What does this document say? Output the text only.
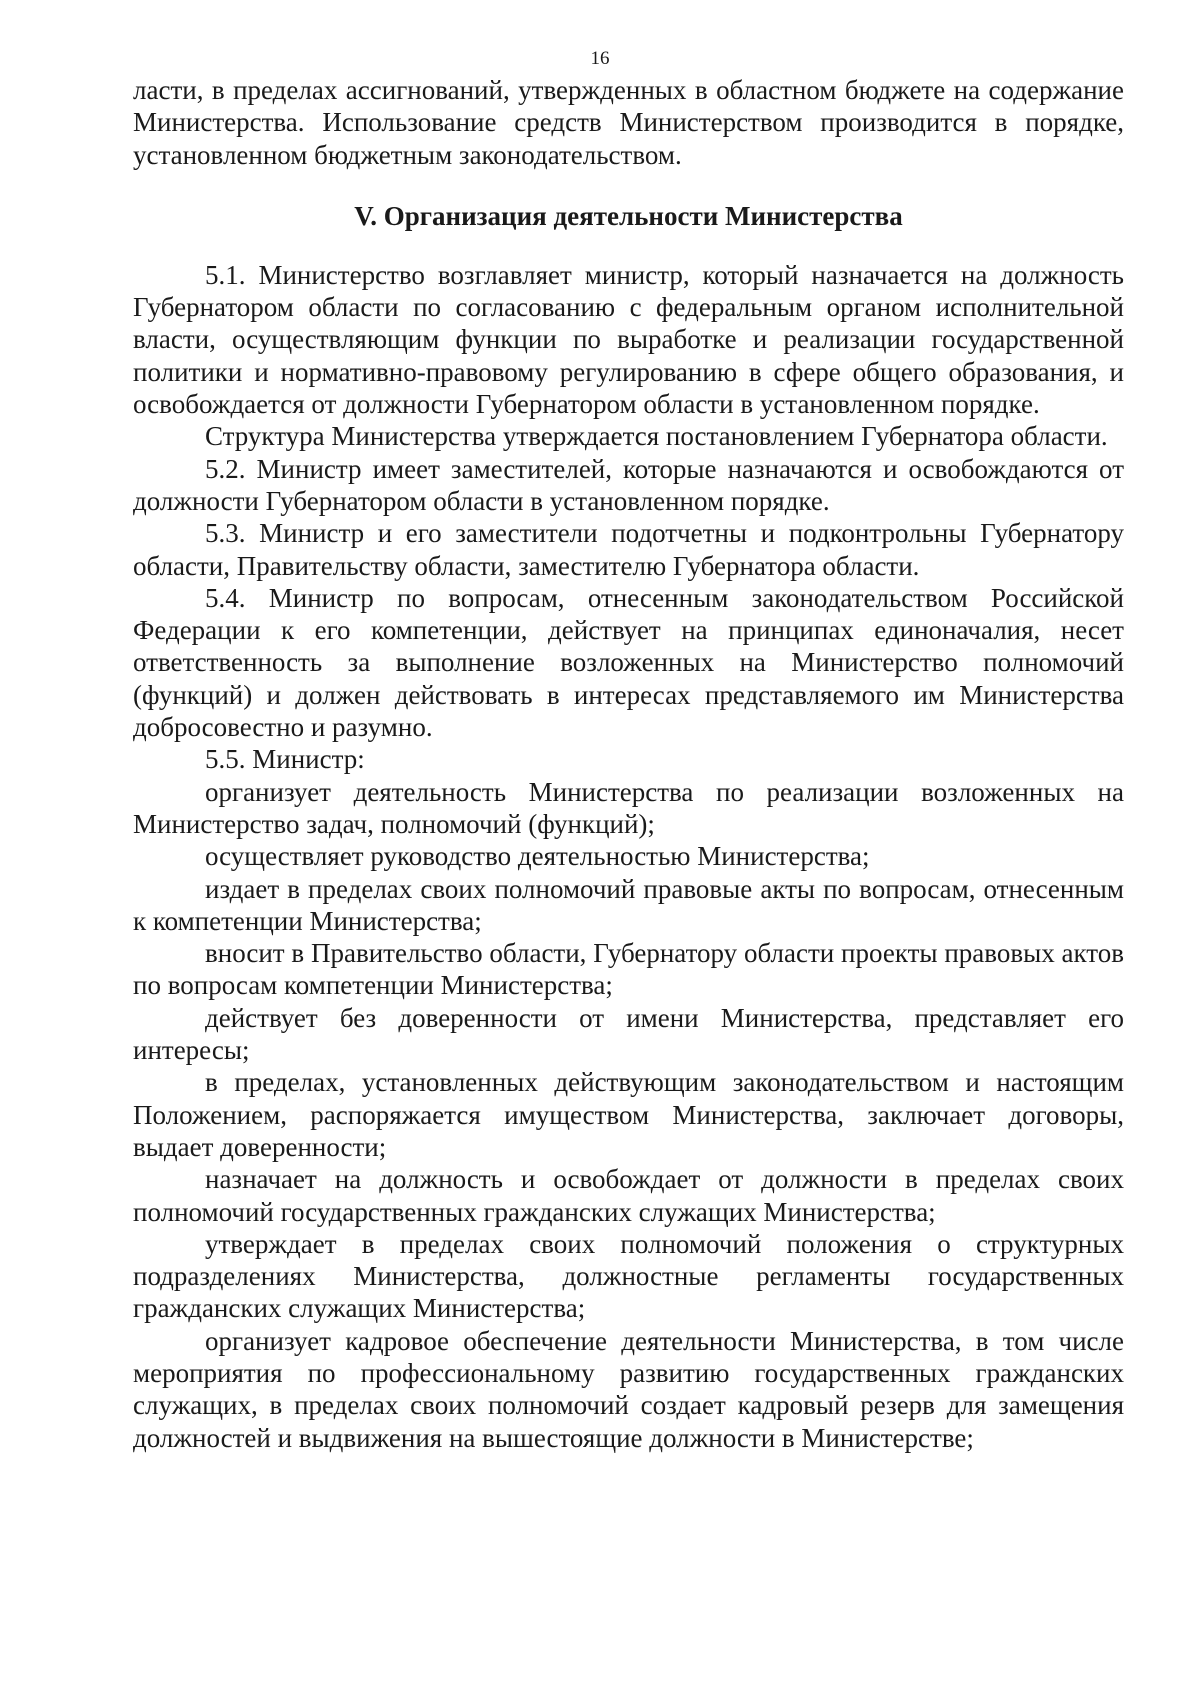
16

ласти, в пределах ассигнований, утвержденных в областном бюджете на содержание Министерства. Использование средств Министерством производится в порядке, установленном бюджетным законодательством.

V. Организация деятельности Министерства

5.1. Министерство возглавляет министр, который назначается на должность Губернатором области по согласованию с федеральным органом исполнительной власти, осуществляющим функции по выработке и реализации государственной политики и нормативно-правовому регулированию в сфере общего образования, и освобождается от должности Губернатором области в установленном порядке.

Структура Министерства утверждается постановлением Губернатора области.

5.2. Министр имеет заместителей, которые назначаются и освобождаются от должности Губернатором области в установленном порядке.

5.3. Министр и его заместители подотчетны и подконтрольны Губернатору области, Правительству области, заместителю Губернатора области.

5.4. Министр по вопросам, отнесенным законодательством Российской Федерации к его компетенции, действует на принципах единоначалия, несет ответственность за выполнение возложенных на Министерство полномочий (функций) и должен действовать в интересах представляемого им Министерства добросовестно и разумно.

5.5. Министр:

организует деятельность Министерства по реализации возложенных на Министерство задач, полномочий (функций);

осуществляет руководство деятельностью Министерства;

издает в пределах своих полномочий правовые акты по вопросам, отнесенным к компетенции Министерства;

вносит в Правительство области, Губернатору области проекты правовых актов по вопросам компетенции Министерства;

действует без доверенности от имени Министерства, представляет его интересы;

в пределах, установленных действующим законодательством и настоящим Положением, распоряжается имуществом Министерства, заключает договоры, выдает доверенности;

назначает на должность и освобождает от должности в пределах своих полномочий государственных гражданских служащих Министерства;

утверждает в пределах своих полномочий положения о структурных подразделениях Министерства, должностные регламенты государственных гражданских служащих Министерства;

организует кадровое обеспечение деятельности Министерства, в том числе мероприятия по профессиональному развитию государственных гражданских служащих, в пределах своих полномочий создает кадровый резерв для замещения должностей и выдвижения на вышестоящие должности в Министерстве;
